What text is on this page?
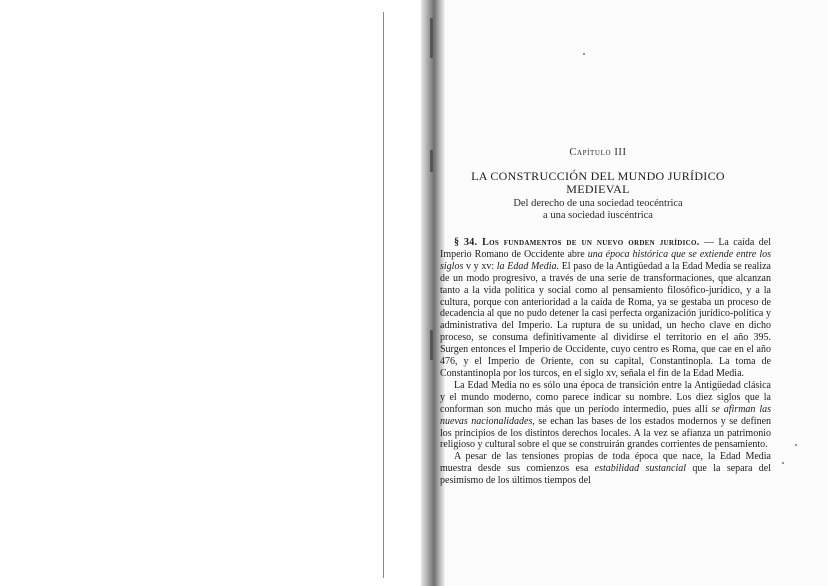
Capítulo III
LA CONSTRUCCIÓN DEL MUNDO JURÍDICO
MEDIEVAL
Del derecho de una sociedad teocéntrica
a una sociedad iuscéntrica

§ 34. Los fundamentos de un nuevo orden jurídico. — La caída del Imperio Romano de Occidente abre una época histórica que se extiende entre los siglos v y xv: la Edad Media. El paso de la Antigüedad a la Edad Media se realiza de un modo progresivo, a través de una serie de transformaciones, que alcanzan tanto a la vida política y social como al pensamiento filosófico-jurídico, y a la cultura, porque con anterioridad a la caída de Roma, ya se gestaba un proceso de decadencia al que no pudo detener la casi perfecta organización jurídico-política y administrativa del Imperio. La ruptura de su unidad, un hecho clave en dicho proceso, se consuma definitivamente al dividirse el territorio en el año 395. Surgen entonces el Imperio de Occidente, cuyo centro es Roma, que cae en el año 476, y el Imperio de Oriente, con su capital, Constantinopla. La toma de Constantinopla por los turcos, en el siglo xv, señala el fin de la Edad Media.

La Edad Media no es sólo una época de transición entre la Antigüedad clásica y el mundo moderno, como parece indicar su nombre. Los diez siglos que la conforman son mucho más que un período intermedio, pues allí se afirman las nuevas nacionalidades, se echan las bases de los estados modernos y se definen los principios de los distintos derechos locales. A la vez se afianza un patrimonio religioso y cultural sobre el que se construirán grandes corrientes de pensamiento.

A pesar de las tensiones propias de toda época que nace, la Edad Media muestra desde sus comienzos esa estabilidad sustancial que la separa del pesimismo de los últimos tiempos del
